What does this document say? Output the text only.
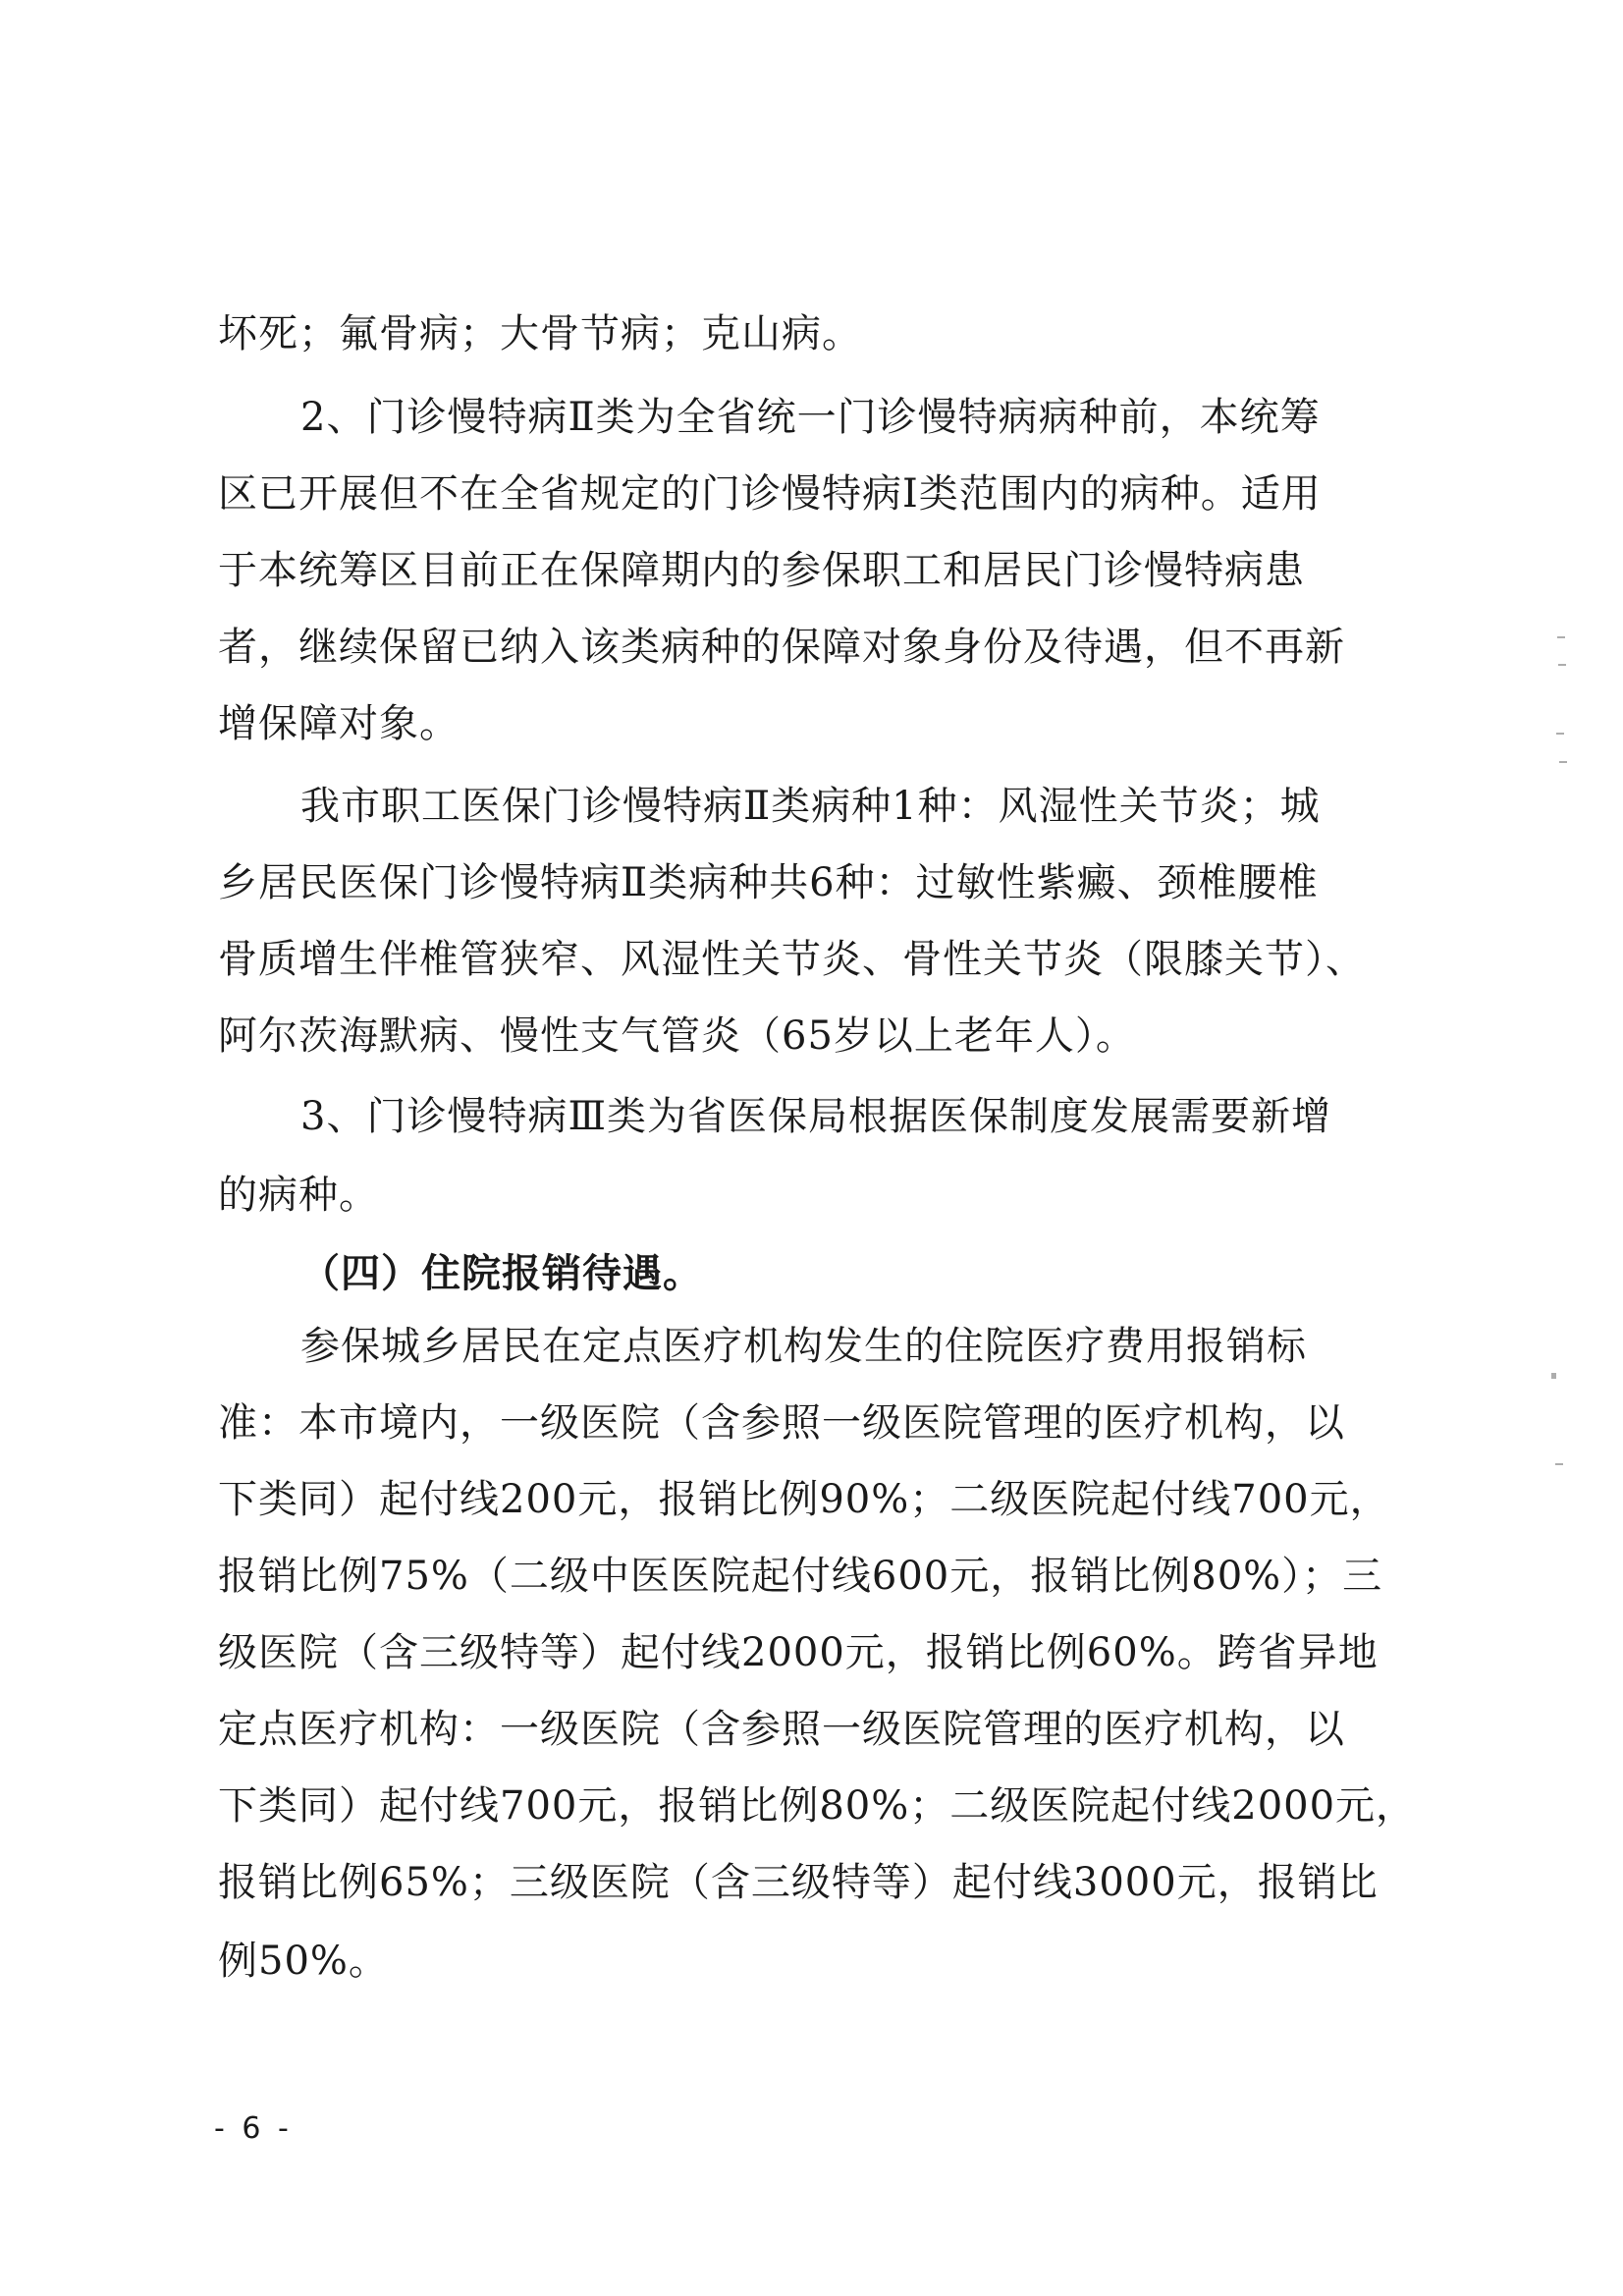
坏死；氟骨病；大骨节病；克山病。
2、门诊慢特病Ⅱ类为全省统一门诊慢特病病种前，本统筹
区已开展但不在全省规定的门诊慢特病Ⅰ类范围内的病种。适用
于本统筹区目前正在保障期内的参保职工和居民门诊慢特病患
者，继续保留已纳入该类病种的保障对象身份及待遇，但不再新
增保障对象。
我市职工医保门诊慢特病Ⅱ类病种1种：风湿性关节炎；城
乡居民医保门诊慢特病Ⅱ类病种共6种：过敏性紫癜、颈椎腰椎
骨质增生伴椎管狭窄、风湿性关节炎、骨性关节炎（限膝关节）、
阿尔茨海默病、慢性支气管炎（65岁以上老年人）。
3、门诊慢特病Ⅲ类为省医保局根据医保制度发展需要新增
的病种。
（四）住院报销待遇。
参保城乡居民在定点医疗机构发生的住院医疗费用报销标
准：本市境内，一级医院（含参照一级医院管理的医疗机构，以
下类同）起付线200元，报销比例90%；二级医院起付线700元，
报销比例75%（二级中医医院起付线600元，报销比例80%）；三
级医院（含三级特等）起付线2000元，报销比例60%。跨省异地
定点医疗机构：一级医院（含参照一级医院管理的医疗机构，以
下类同）起付线700元，报销比例80%；二级医院起付线2000元，
报销比例65%；三级医院（含三级特等）起付线3000元，报销比
例50%。
- 6 -
